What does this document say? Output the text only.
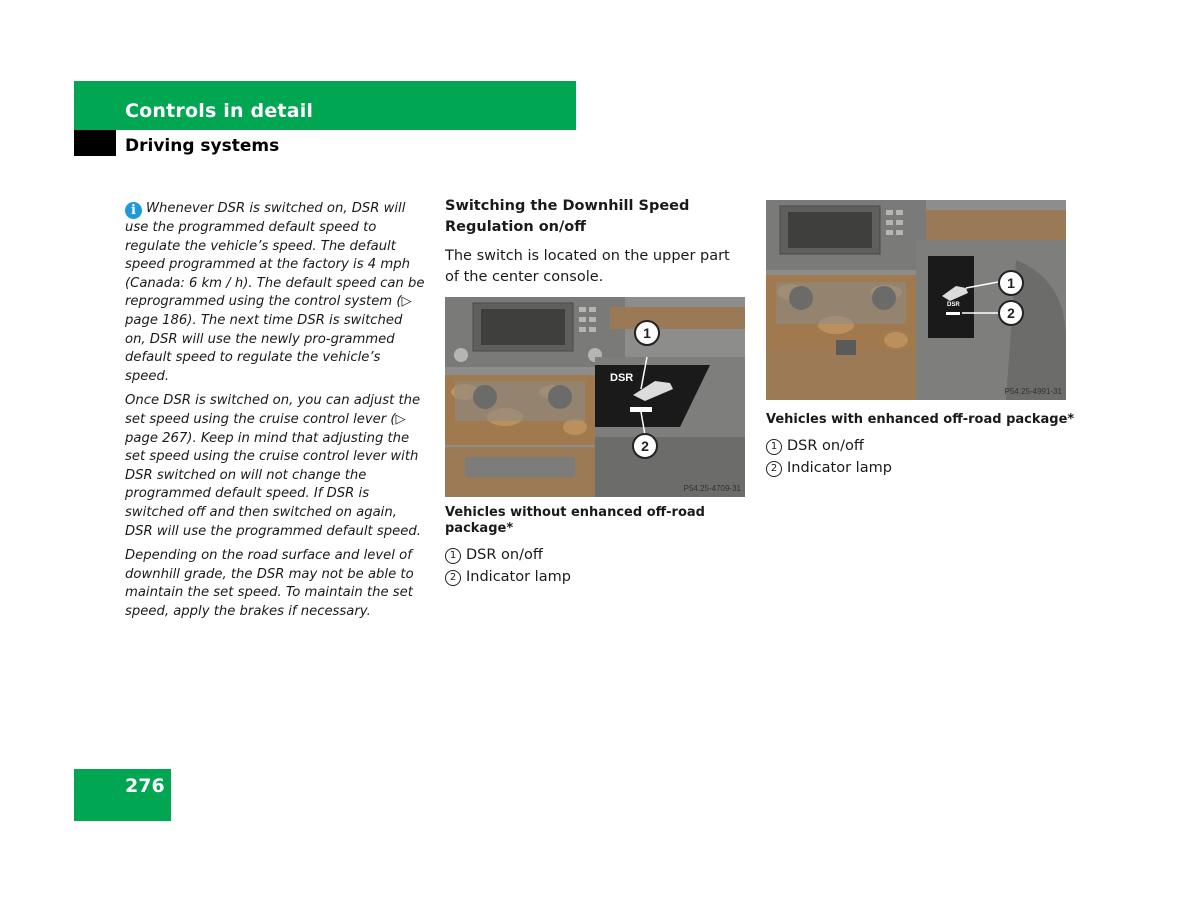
Controls in detail
Driving systems

i Whenever DSR is switched on, DSR will use the programmed default speed to regulate the vehicle’s speed. The default speed programmed at the factory is 4 mph (Canada: 6 km / h). The default speed can be reprogrammed using the control system (▷ page 186). The next time DSR is switched on, DSR will use the newly pro-grammed default speed to regulate the vehicle’s speed.

Once DSR is switched on, you can adjust the set speed using the cruise control lever (▷ page 267). Keep in mind that adjusting the set speed using the cruise control lever with DSR switched on will not change the programmed default speed. If DSR is switched off and then switched on again, DSR will use the programmed default speed.

Depending on the road surface and level of downhill grade, the DSR may not be able to maintain the set speed. To maintain the set speed, apply the brakes if necessary.

Switching the Downhill Speed Regulation on/off

The switch is located on the upper part of the center console.

DSR
1
2
P54.25-4709-31
Vehicles without enhanced off-road package*
1 DSR on/off
2 Indicator lamp
DSR
1
2
P54.25-4991-31
Vehicles with enhanced off-road package*
1 DSR on/off
2 Indicator lamp
276
